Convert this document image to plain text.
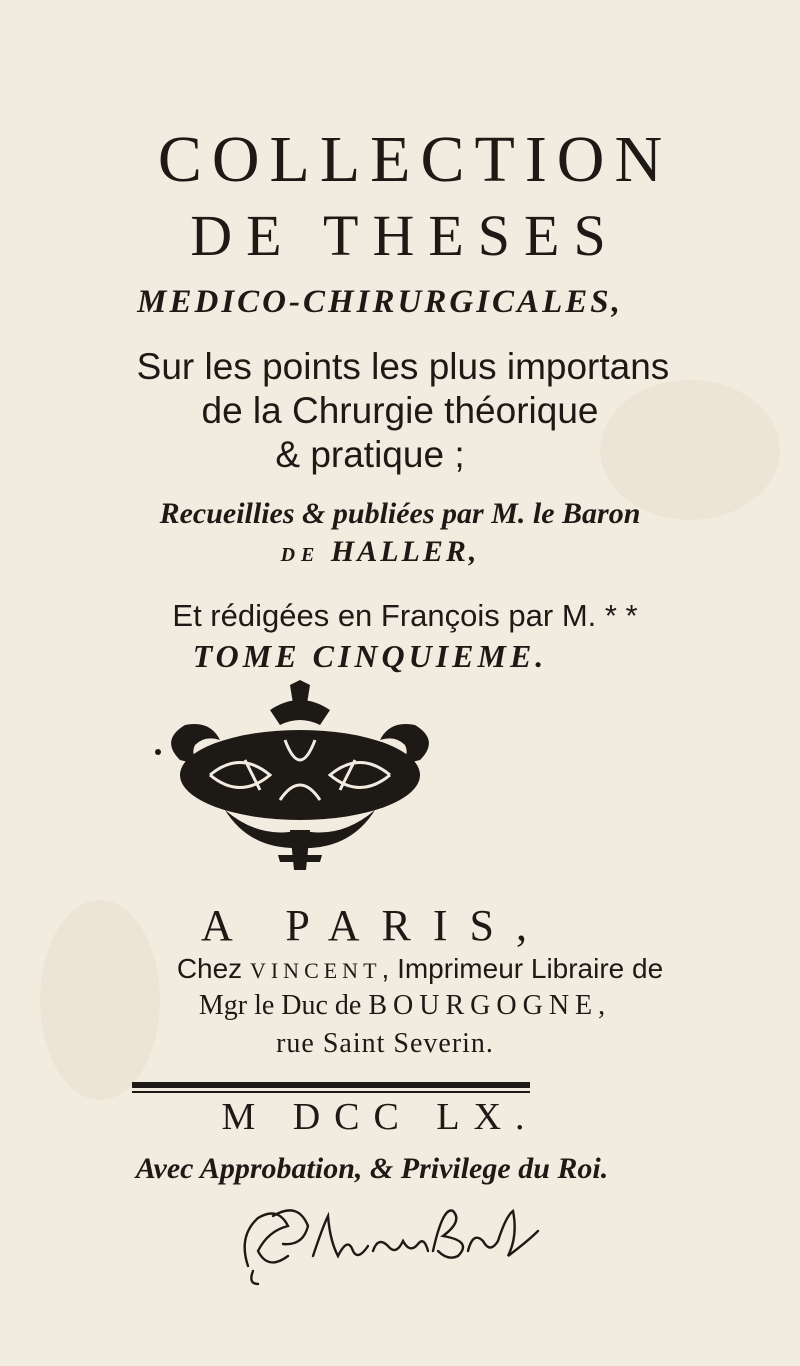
COLLECTION
DE THESES
MEDICO-CHIRURGICALES,
Sur les points les plus importans
de la Chrurgie théorique
& pratique ;
Recueillies & publiées par M. le Baron
DE HALLER,
Et rédigées en François par M. * *
TOME CINQUIEME.
A PARIS,
Chez VINCENT, Imprimeur Libraire de
Mgr le Duc de BOURGOGNE,
rue Saint Severin.
M DCC LX.
Avec Approbation, & Privilege du Roi.
